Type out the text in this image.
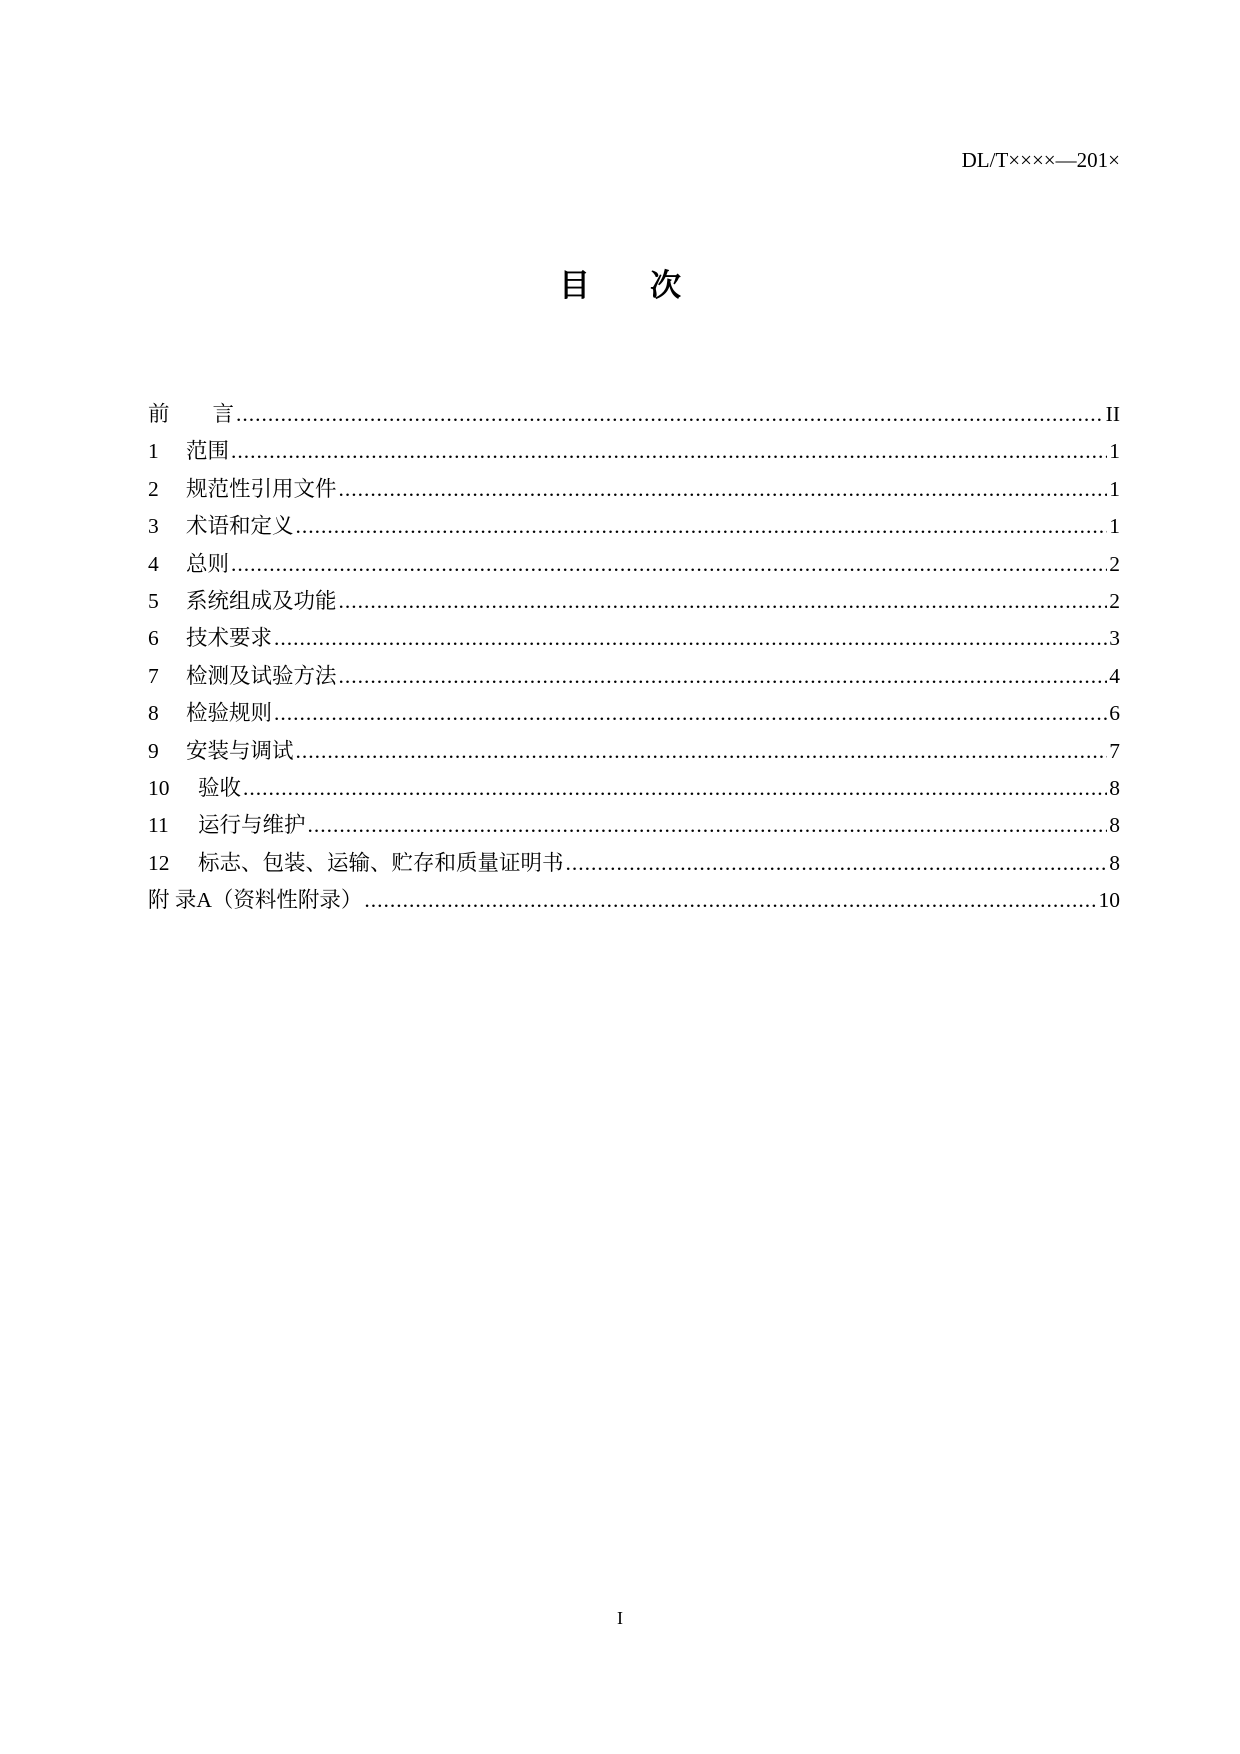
DL/T××××—201×
目 次
前　　言 .....	II
1	范围 .....	1
2	规范性引用文件 .....	1
3	术语和定义 .....	1
4	总则 .....	2
5	系统组成及功能 .....	2
6	技术要求 .....	3
7	检测及试验方法 .....	4
8	检验规则 .....	6
9	安装与调试 .....	7
10	验收 .....	8
11	运行与维护 .....	8
12	标志、包装、运输、贮存和质量证明书 .....	8
附 录A（资料性附录） .....	10
I
